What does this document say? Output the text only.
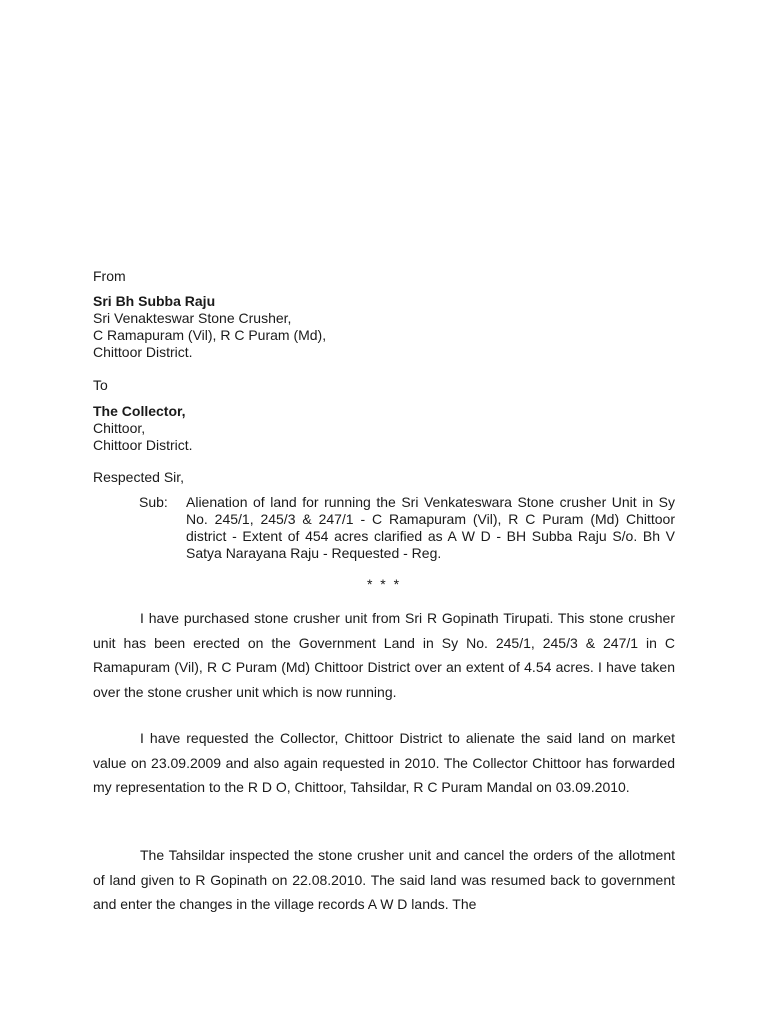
From
Sri Bh Subba Raju
Sri Venakteswar Stone Crusher,
C Ramapuram (Vil), R C Puram (Md),
Chittoor District.
To
The Collector,
Chittoor,
Chittoor District.
Respected Sir,
Sub: Alienation of land for running the Sri Venkateswara Stone crusher Unit in Sy No. 245/1, 245/3 & 247/1 - C Ramapuram (Vil), R C Puram (Md) Chittoor district - Extent of 454 acres clarified as A W D - BH Subba Raju S/o. Bh V Satya Narayana Raju - Requested - Reg.
* * *

I have purchased stone crusher unit from Sri R Gopinath Tirupati. This stone crusher unit has been erected on the Government Land in Sy No. 245/1, 245/3 & 247/1 in C Ramapuram (Vil), R C Puram (Md) Chittoor District over an extent of 4.54 acres. I have taken over the stone crusher unit which is now running.

I have requested the Collector, Chittoor District to alienate the said land on market value on 23.09.2009 and also again requested in 2010. The Collector Chittoor has forwarded my representation to the R D O, Chittoor, Tahsildar, R C Puram Mandal on 03.09.2010.

The Tahsildar inspected the stone crusher unit and cancel the orders of the allotment of land given to R Gopinath on 22.08.2010. The said land was resumed back to government and enter the changes in the village records A W D lands. The
